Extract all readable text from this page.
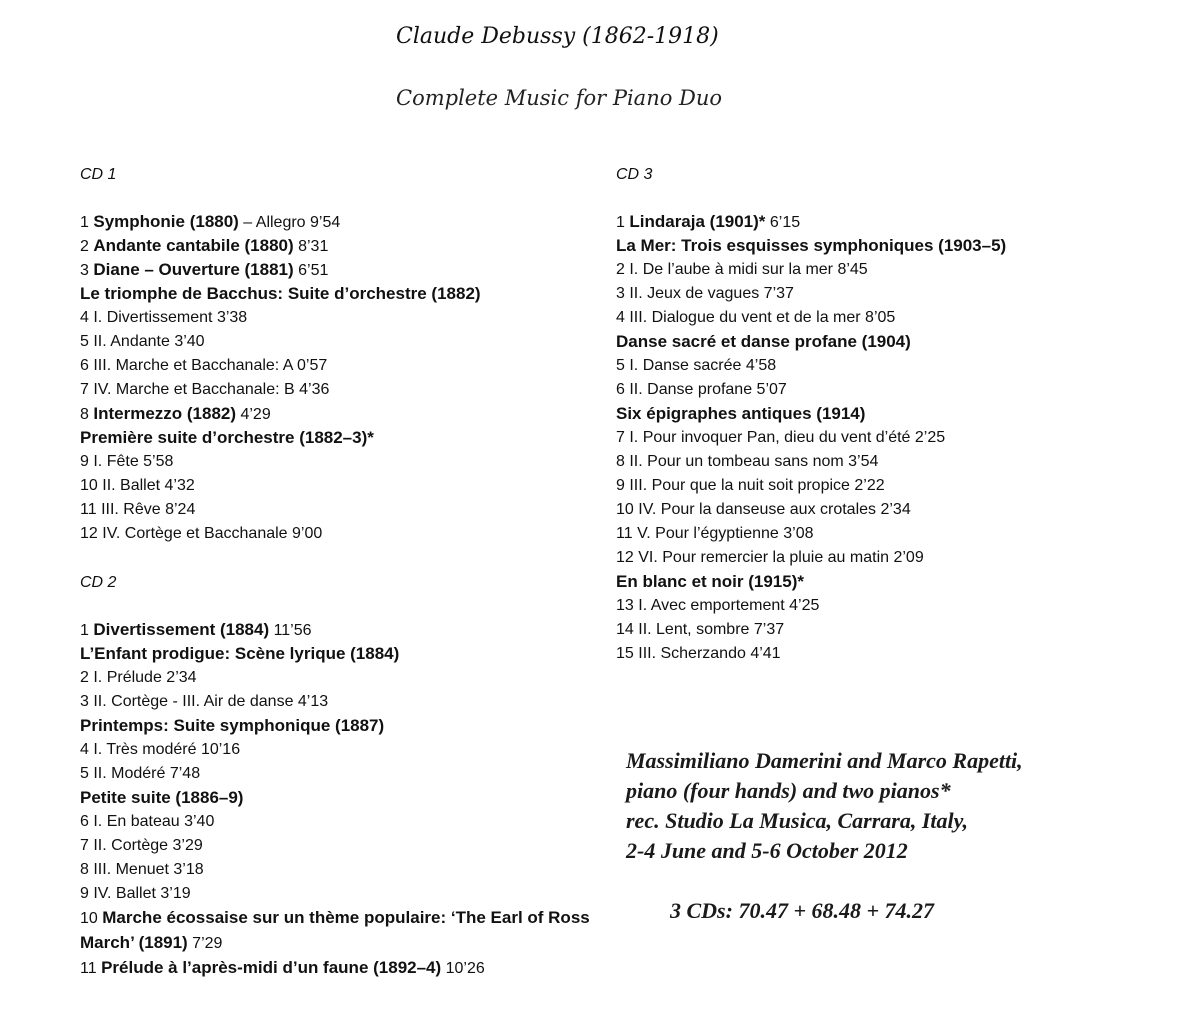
Claude Debussy (1862-1918)
Complete Music for Piano Duo
CD 1
1 Symphonie (1880) – Allegro 9’54
2 Andante cantabile (1880) 8’31
3 Diane – Ouverture (1881) 6’51
Le triomphe de Bacchus: Suite d’orchestre (1882)
4 I. Divertissement 3’38
5 II. Andante 3’40
6 III. Marche et Bacchanale: A 0’57
7 IV. Marche et Bacchanale: B 4’36
8 Intermezzo (1882) 4’29
Première suite d’orchestre (1882–3)*
9 I. Fête 5’58
10 II. Ballet 4’32
11 III. Rêve 8’24
12 IV. Cortège et Bacchanale 9’00
CD 2
1 Divertissement (1884) 11’56
L’Enfant prodigue: Scène lyrique (1884)
2 I. Prélude 2’34
3 II. Cortège - III. Air de danse 4’13
Printemps: Suite symphonique (1887)
4 I. Très modéré 10’16
5 II. Modéré 7’48
Petite suite (1886–9)
6 I. En bateau 3’40
7 II. Cortège 3’29
8 III. Menuet 3’18
9 IV. Ballet 3’19
10 Marche écossaise sur un thème populaire: ‘The Earl of Ross March’ (1891) 7’29
11 Prélude à l’après-midi d’un faune (1892–4) 10’26
CD 3
1 Lindaraja (1901)* 6’15
La Mer: Trois esquisses symphoniques (1903–5)
2 I. De l’aube à midi sur la mer 8’45
3 II. Jeux de vagues 7’37
4 III. Dialogue du vent et de la mer 8’05
Danse sacré et danse profane (1904)
5 I. Danse sacrée 4’58
6 II. Danse profane 5’07
Six épigraphes antiques (1914)
7 I. Pour invoquer Pan, dieu du vent d’été 2’25
8 II. Pour un tombeau sans nom 3’54
9 III. Pour que la nuit soit propice 2’22
10 IV. Pour la danseuse aux crotales 2’34
11 V. Pour l’égyptienne 3’08
12 VI. Pour remercier la pluie au matin 2’09
En blanc et noir (1915)*
13 I. Avec emportement 4’25
14 II. Lent, sombre 7’37
15 III. Scherzando 4’41
Massimiliano Damerini and Marco Rapetti,
piano (four hands) and two pianos*
rec. Studio La Musica, Carrara, Italy,
2-4 June and 5-6 October 2012
3 CDs: 70.47 + 68.48 + 74.27
